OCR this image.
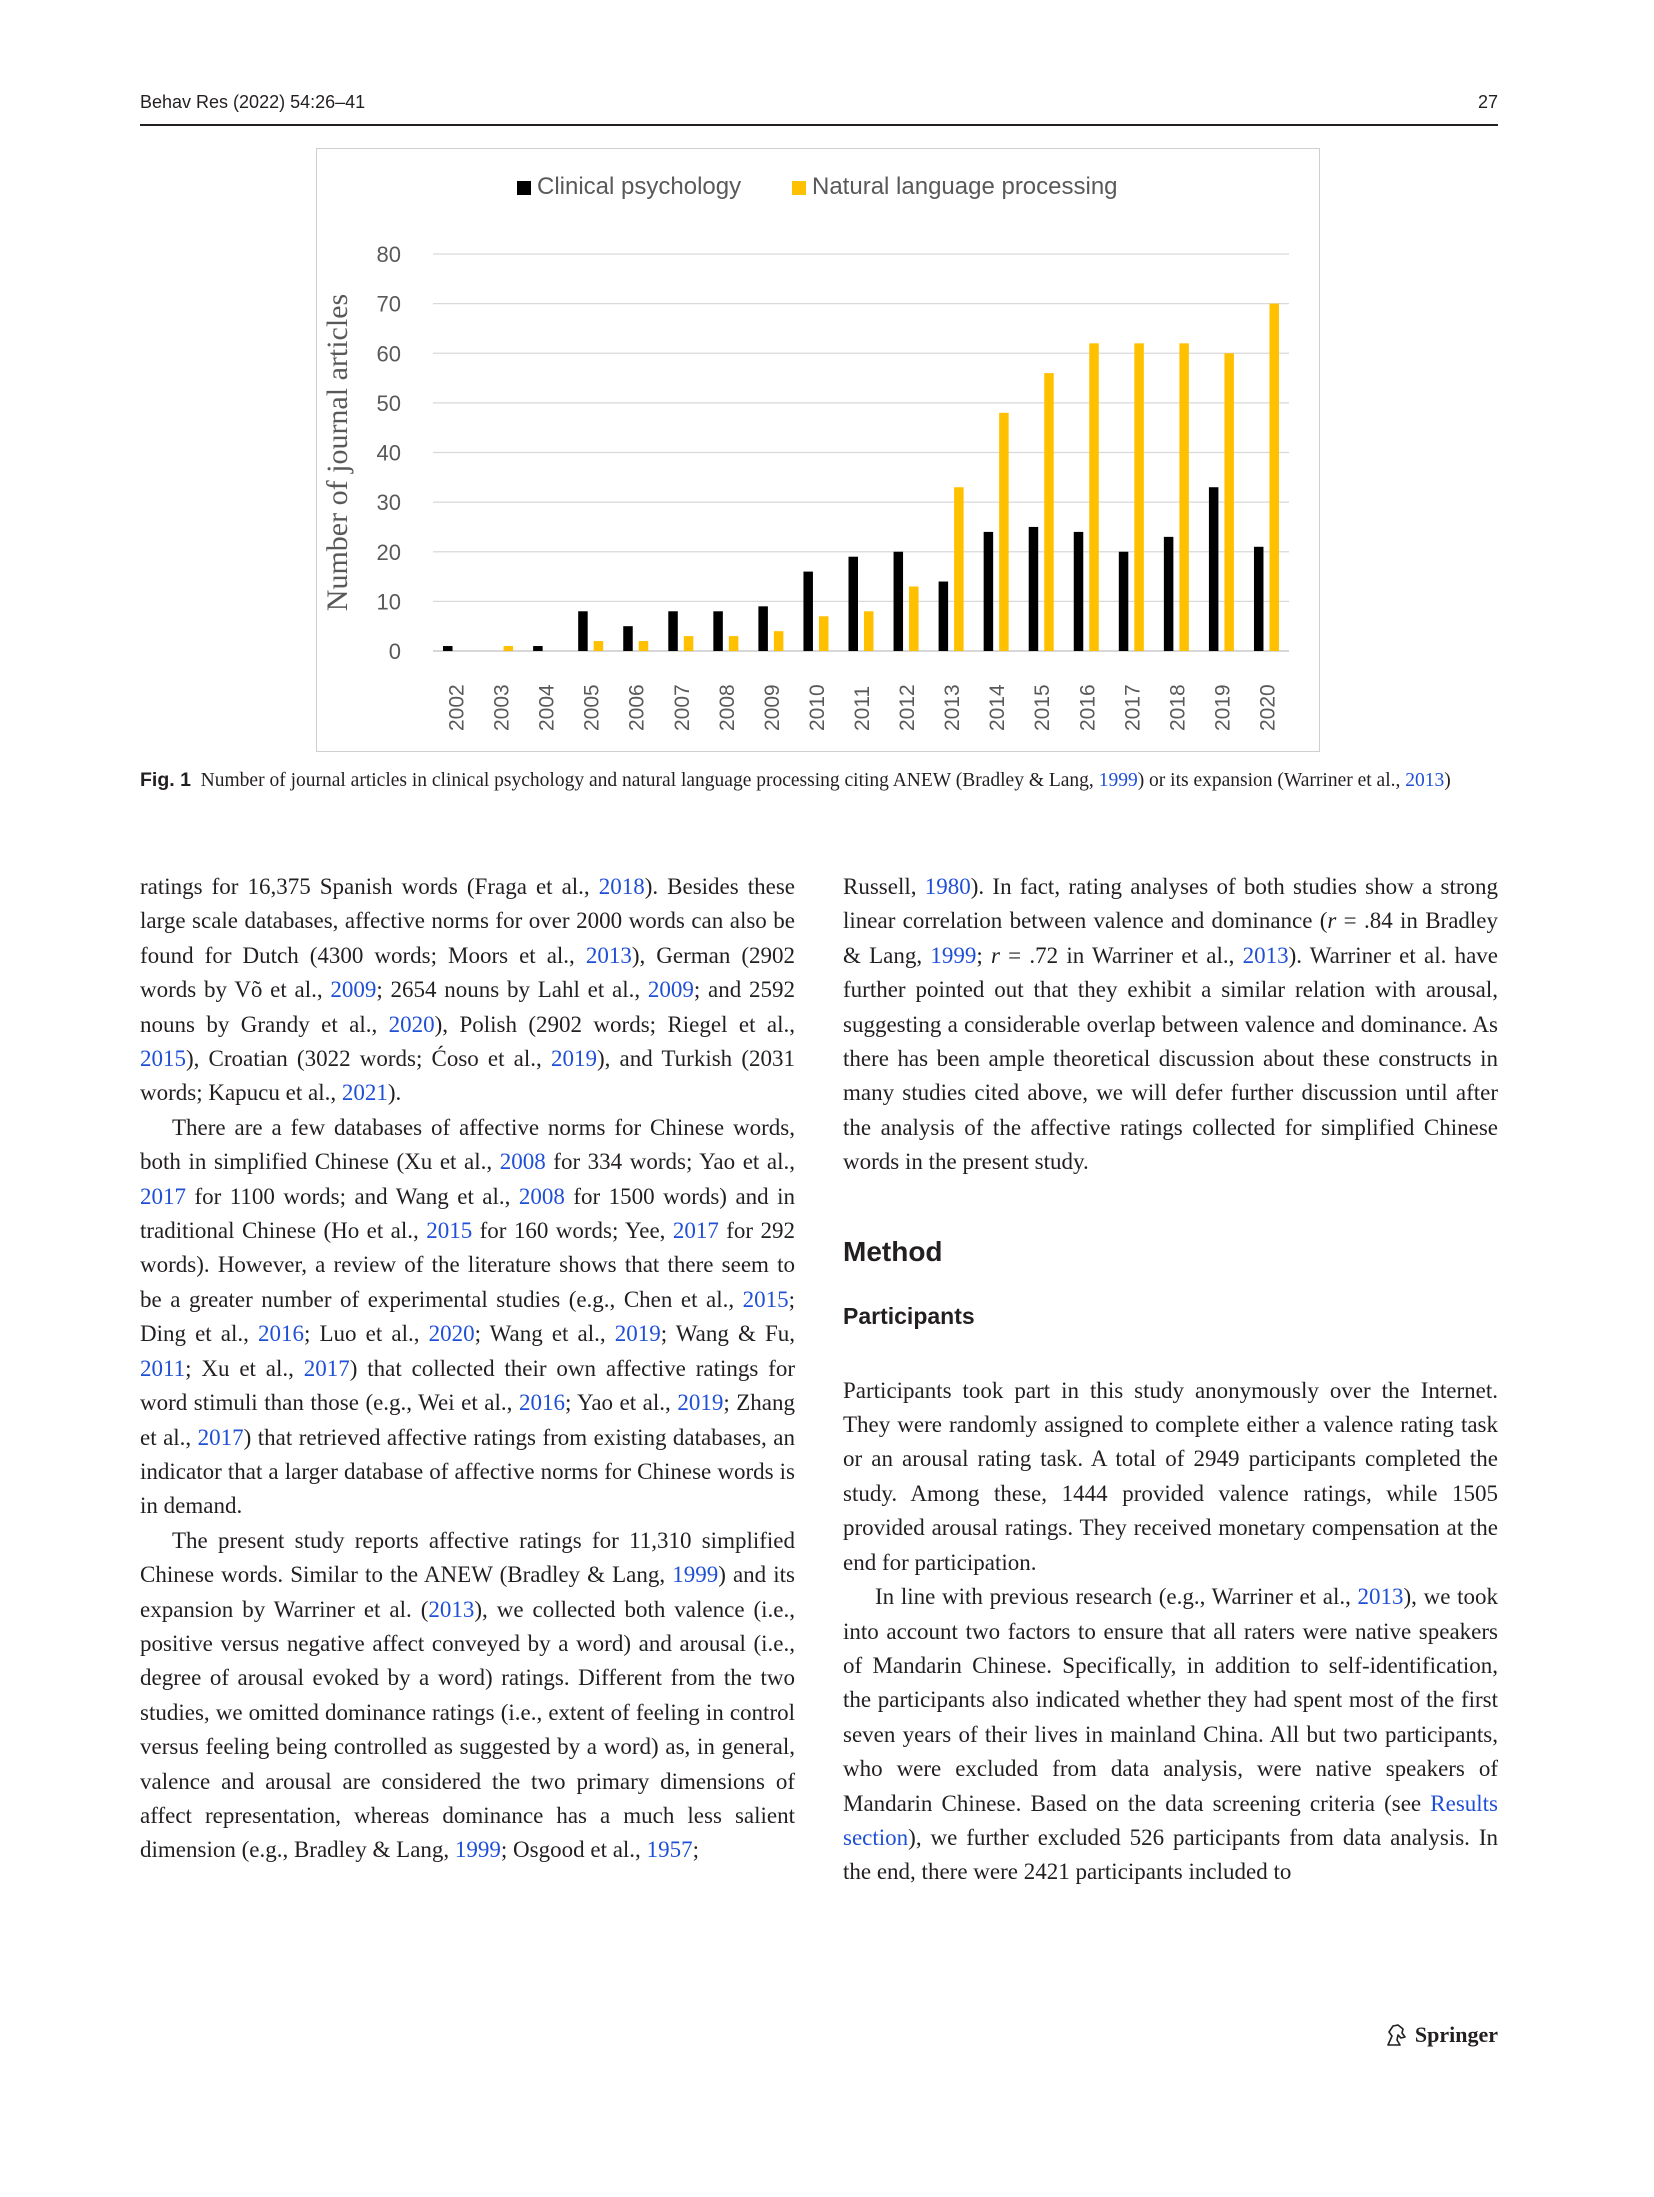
Behav Res (2022) 54:26–41	27
0
10
20
30
40
50
60
70
80
Number of journal articles
2002 2003 2004 2005 2006 2007 2008 2009 2010 2011 2012 2013 2014 2015 2016 2017 2018 2019 2020
Clinical psychology	Natural language processing
Fig. 1 Number of journal articles in clinical psychology and natural language processing citing ANEW (Bradley & Lang, 1999) or its expansion (Warriner et al., 2013)

ratings for 16,375 Spanish words (Fraga et al., 2018). Besides these large scale databases, affective norms for over 2000 words can also be found for Dutch (4300 words; Moors et al., 2013), German (2902 words by Võ et al., 2009; 2654 nouns by Lahl et al., 2009; and 2592 nouns by Grandy et al., 2020), Polish (2902 words; Riegel et al., 2015), Croatian (3022 words; Ćoso et al., 2019), and Turkish (2031 words; Kapucu et al., 2021).

There are a few databases of affective norms for Chinese words, both in simplified Chinese (Xu et al., 2008 for 334 words; Yao et al., 2017 for 1100 words; and Wang et al., 2008 for 1500 words) and in traditional Chinese (Ho et al., 2015 for 160 words; Yee, 2017 for 292 words). However, a review of the literature shows that there seem to be a greater number of experimental studies (e.g., Chen et al., 2015; Ding et al., 2016; Luo et al., 2020; Wang et al., 2019; Wang & Fu, 2011; Xu et al., 2017) that collected their own affective ratings for word stimuli than those (e.g., Wei et al., 2016; Yao et al., 2019; Zhang et al., 2017) that retrieved affective ratings from existing databases, an indicator that a larger database of affective norms for Chinese words is in demand.

The present study reports affective ratings for 11,310 simplified Chinese words. Similar to the ANEW (Bradley & Lang, 1999) and its expansion by Warriner et al. (2013), we collected both valence (i.e., positive versus negative affect conveyed by a word) and arousal (i.e., degree of arousal evoked by a word) ratings. Different from the two studies, we omitted dominance ratings (i.e., extent of feeling in control versus feeling being controlled as suggested by a word) as, in general, valence and arousal are considered the two primary dimensions of affect representation, whereas dominance has a much less salient dimension (e.g., Bradley & Lang, 1999; Osgood et al., 1957;

Russell, 1980). In fact, rating analyses of both studies show a strong linear correlation between valence and dominance (r = .84 in Bradley & Lang, 1999; r = .72 in Warriner et al., 2013). Warriner et al. have further pointed out that they exhibit a similar relation with arousal, suggesting a considerable overlap between valence and dominance. As there has been ample theoretical discussion about these constructs in many studies cited above, we will defer further discussion until after the analysis of the affective ratings collected for simplified Chinese words in the present study.

Method
Participants

Participants took part in this study anonymously over the Internet. They were randomly assigned to complete either a valence rating task or an arousal rating task. A total of 2949 participants completed the study. Among these, 1444 provided valence ratings, while 1505 provided arousal ratings. They received monetary compensation at the end for participation.

In line with previous research (e.g., Warriner et al., 2013), we took into account two factors to ensure that all raters were native speakers of Mandarin Chinese. Specifically, in addition to self-identification, the participants also indicated whether they had spent most of the first seven years of their lives in mainland China. All but two participants, who were excluded from data analysis, were native speakers of Mandarin Chinese. Based on the data screening criteria (see Results section), we further excluded 526 participants from data analysis. In the end, there were 2421 participants included to

Springer
